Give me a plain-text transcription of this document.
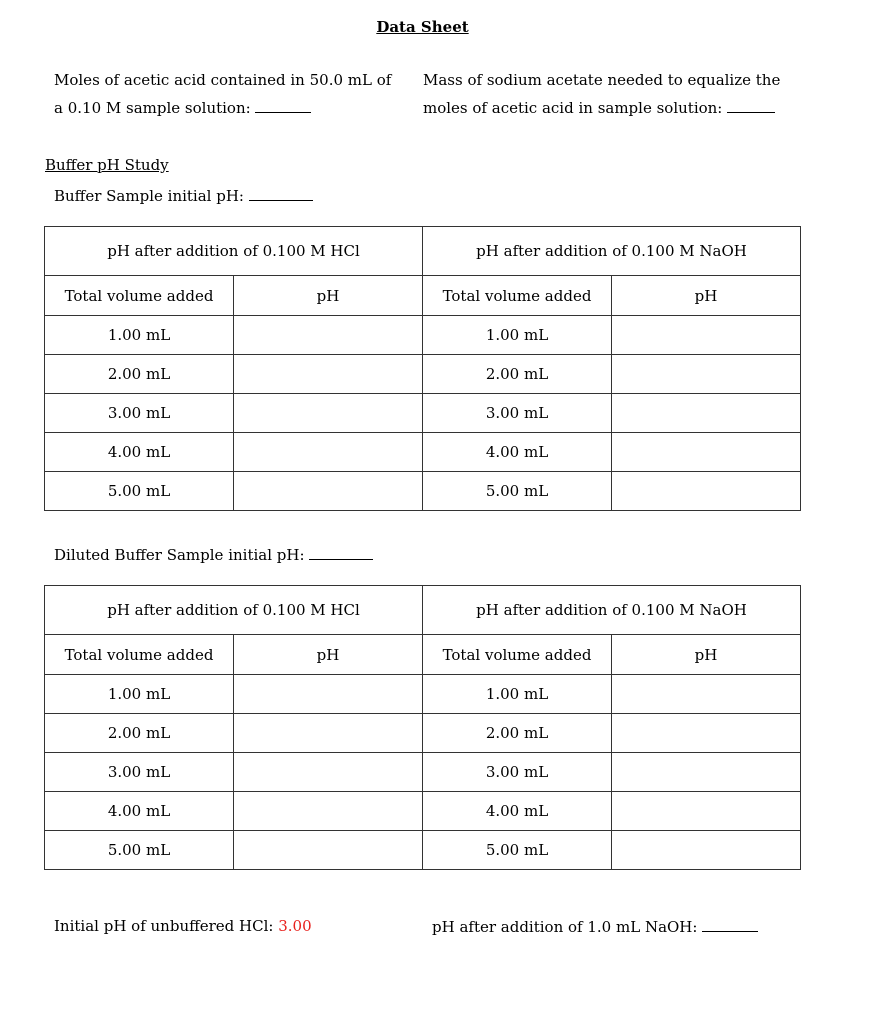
Data Sheet
Moles of acetic acid contained in 50.0 mL of
a 0.10 M sample solution:
Mass of sodium acetate needed to equalize the
moles of acetic acid in sample solution:
Buffer pH Study
Buffer Sample initial pH:
pH after addition of 0.100 M HCl		pH after addition of 0.100 M NaOH	
Total volume added	pH	Total volume added	pH
1.00 mL		1.00 mL	
2.00 mL		2.00 mL	
3.00 mL		3.00 mL	
4.00 mL		4.00 mL	
5.00 mL		5.00 mL	
Diluted Buffer Sample initial pH:
pH after addition of 0.100 M HCl		pH after addition of 0.100 M NaOH	
Total volume added	pH	Total volume added	pH
1.00 mL		1.00 mL	
2.00 mL		2.00 mL	
3.00 mL		3.00 mL	
4.00 mL		4.00 mL	
5.00 mL		5.00 mL	
Initial pH of unbuffered HCl: 3.00	pH after addition of 1.0 mL NaOH:
